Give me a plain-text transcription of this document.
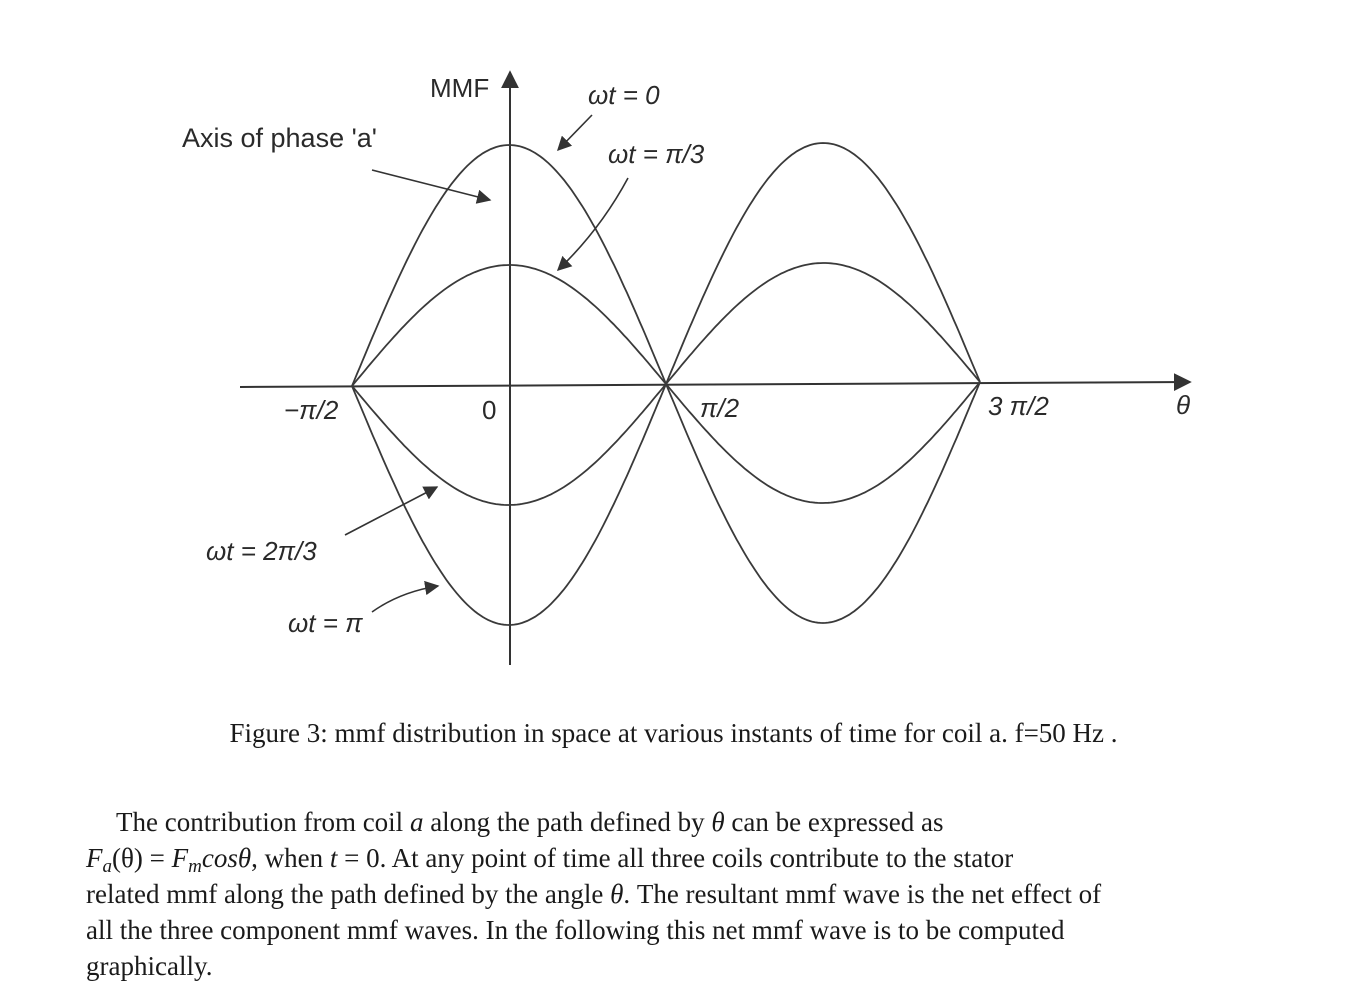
MMF
Axis of phase 'a'
ωt = 0
ωt = π/3
ωt = 2π/3
ωt = π
−π/2	0	π/2	3 π/2	θ
Figure 3: mmf distribution in space at various instants of time for coil a. f=50 Hz .
The contribution from coil a along the path defined by θ can be expressed as
$F_a(\theta) = F_m\cos\theta$, when t = 0. At any point of time all three coils contribute to the stator
related mmf along the path defined by the angle θ. The resultant mmf wave is the net effect of
all the three component mmf waves. In the following this net mmf wave is to be computed
graphically.
